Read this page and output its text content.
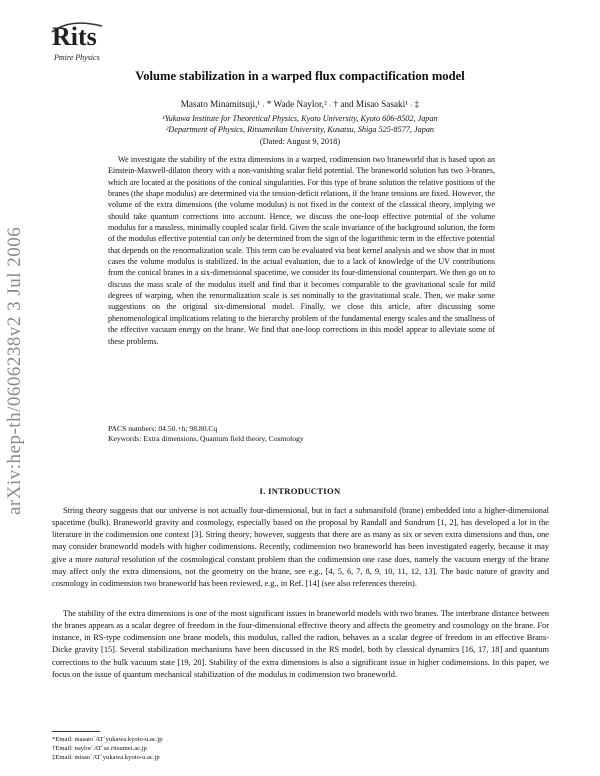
Rits
Pmire Physics
arXiv:hep-th/0606238v2 3 Jul 2006
Volume stabilization in a warped flux compactification model
Masato Minamitsuji,¹ ˒ * Wade Naylor,² ˒ † and Misao Sasaki¹ ˒ ‡
¹Yukawa Institute for Theoretical Physics, Kyoto University, Kyoto 606-8502, Japan
²Department of Physics, Ritsumeikan University, Kusatsu, Shiga 525-8577, Japan
(Dated: August 9, 2018)
We investigate the stability of the extra dimensions in a warped, codimension two braneworld that is based upon an Einstein-Maxwell-dilaton theory with a non-vanishing scalar field potential. The braneworld solution has two 3-branes, which are located at the positions of the conical singularities. For this type of brane solution the relative positions of the branes (the shape modulus) are determined via the tension-deficit relations, if the brane tensions are fixed. However, the volume of the extra dimensions (the volume modulus) is not fixed in the context of the classical theory, implying we should take quantum corrections into account. Hence, we discuss the one-loop effective potential of the volume modulus for a massless, minimally coupled scalar field. Given the scale invariance of the background solution, the form of the modulus effective potential can only be determined from the sign of the logarithmic term in the effective potential that depends on the renormalization scale. This term can be evaluated via heat kernel analysis and we show that in most cases the volume modulus is stabilized. In the actual evaluation, due to a lack of knowledge of the UV contributions from the conical branes in a six-dimensional spacetime, we consider its four-dimensional counterpart. We then go on to discuss the mass scale of the modulus itself and find that it becomes comparable to the gravitational scale for mild degrees of warping, when the renormalization scale is set nominally to the gravitational scale. Then, we make some suggestions on the original six-dimensional model. Finally, we close this article, after discussing some phenomenological implications relating to the hierarchy problem of the fundamental energy scales and the smallness of the effective vacuum energy on the brane. We find that one-loop corrections in this model appear to alleviate some of these problems.
PACS numbers: 04.50.+h; 98.80.Cq
Keywords: Extra dimensions, Quantum field theory, Cosmology
I. INTRODUCTION

String theory suggests that our universe is not actually four-dimensional, but in fact a submanifold (brane) embedded into a higher-dimensional spacetime (bulk). Braneworld gravity and cosmology, especially based on the proposal by Randall and Sundrum [1, 2], has developed a lot in the literature in the codimension one context [3]. String theory; however, suggests that there are as many as six or seven extra dimensions and thus, one may consider braneworld models with higher codimensions. Recently, codimension two braneworld has been investigated eagerly, because it may give a more natural resolution of the cosmological constant problem than the codimension one case does, namely the vacuum energy of the brane may affect only the extra dimensions, not the geometry on the brane, see e.g., [4, 5, 6, 7, 8, 9, 10, 11, 12, 13]. The basic nature of gravity and cosmology in codimension two braneworld has been reviewed, e.g., in Ref. [14] (see also references therein).

The stability of the extra dimensions is one of the most significant issues in braneworld models with two branes. The interbrane distance between the branes appears as a scalar degree of freedom in the four-dimensional effective theory and affects the geometry and cosmology on the brane. For instance, in RS-type codimension one brane models, this modulus, called the radion, behaves as a scalar degree of freedom in an effective Brans-Dicke gravity [15]. Several stabilization mechanisms have been discussed in the RS model, both by classical dynamics [16, 17, 18] and quantum corrections to the bulk vacuum state [19, 20]. Stability of the extra dimensions is also a significant issue in higher codimensions. In this paper, we focus on the issue of quantum mechanical stabilization of the modulus in codimension two braneworld.

*Email: masato`AT`yukawa.kyoto-u.ac.jp
†Email: naylor`AT`se.ritsumei.ac.jp
‡Email: misao`AT`yukawa.kyoto-u.ac.jp
